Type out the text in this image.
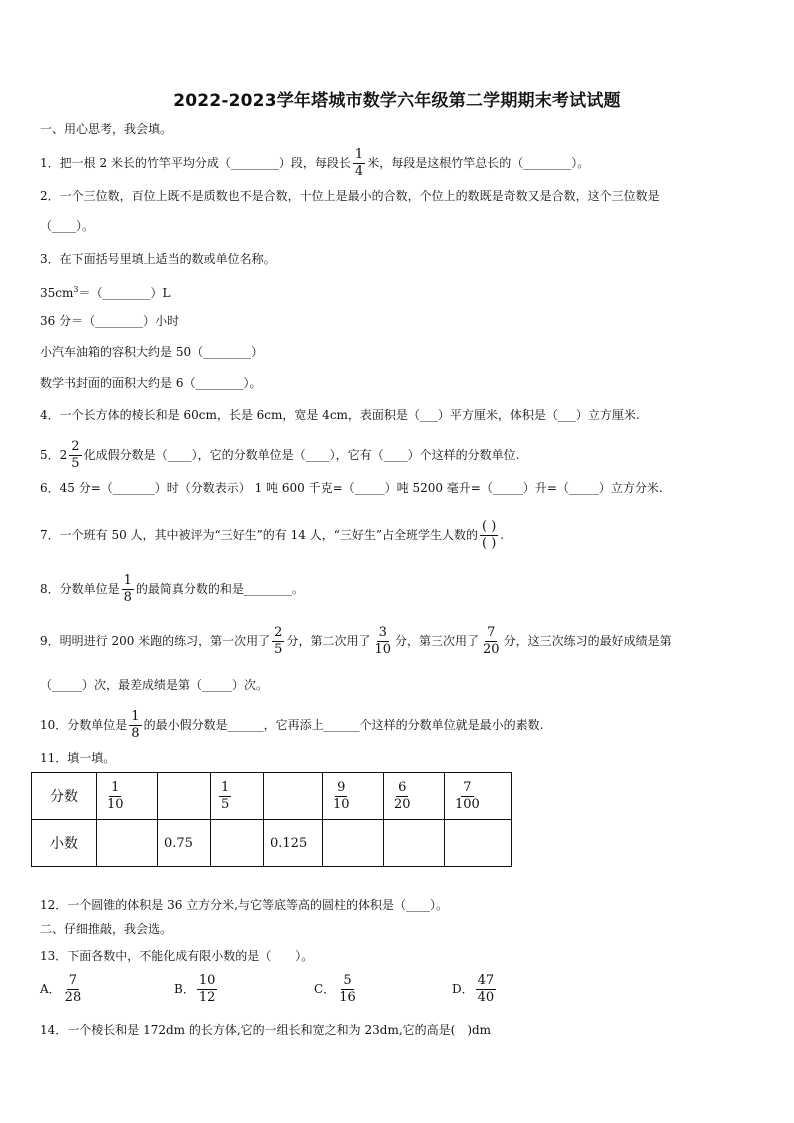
2022-2023学年塔城市数学六年级第二学期期末考试试题
一、用心思考，我会填。
1．把一根 2 米长的竹竿平均分成（________）段，每段长 $\frac{1}{4}$ 米，每段是这根竹竿总长的（________）。
2．一个三位数，百位上既不是质数也不是合数，十位上是最小的合数，个位上的数既是奇数又是合数，这个三位数是
（____）。
3．在下面括号里填上适当的数或单位名称。
$35cm^3=(\_\_\_\_\_\_\_\_)L$
36 分＝（________）小时
小汽车油箱的容积大约是 50（________）
数学书封面的面积大约是 6（________）。
4．一个长方体的棱长和是 60cm，长是 6cm，宽是 4cm，表面积是（___）平方厘米，体积是（___）立方厘米.
5．$2 \frac{2}{5}$ 化成假分数是（____），它的分数单位是（____），它有（____）个这样的分数单位.
6．45 分=（_______）时（分数表示） 1 吨 600 千克=（_____）吨 5200 毫升=（_____）升=（_____）立方分米.
7．一个班有 50 人，其中被评为“三好生”的有 14 人，“三好生”占全班学生人数的 $\frac{( )}{( )}$ .
8．分数单位是 $\frac{1}{8}$ 的最简真分数的和是________。
9．明明进行 200 米跑的练习，第一次用了 $\frac{2}{5}$ 分，第二次用了 $\frac{3}{10}$ 分，第三次用了 $\frac{7}{20}$ 分，这三次练习的最好成绩是第
（_____）次，最差成绩是第（_____）次。
10．分数单位是 $\frac{1}{8}$ 的最小假分数是______，它再添上______个这样的分数单位就是最小的素数.
11．填一填。
分数	$\frac{1}{10}$		$\frac{1}{5}$		$\frac{9}{10}$	$\frac{6}{20}$	$\frac{7}{100}$

小数		0.75		0.125			
12．一个圆锥的体积是 36 立方分米,与它等底等高的圆柱的体积是（____）。
二、仔细推敲，我会选。
13．下面各数中，不能化成有限小数的是（　　）。
A． $\frac{7}{28}$	B． $\frac{10}{12}$	C． $\frac{5}{16}$	D． $\frac{47}{40}$
14．一个棱长和是 172dm 的长方体,它的一组长和宽之和为 23dm,它的高是(　)dm
